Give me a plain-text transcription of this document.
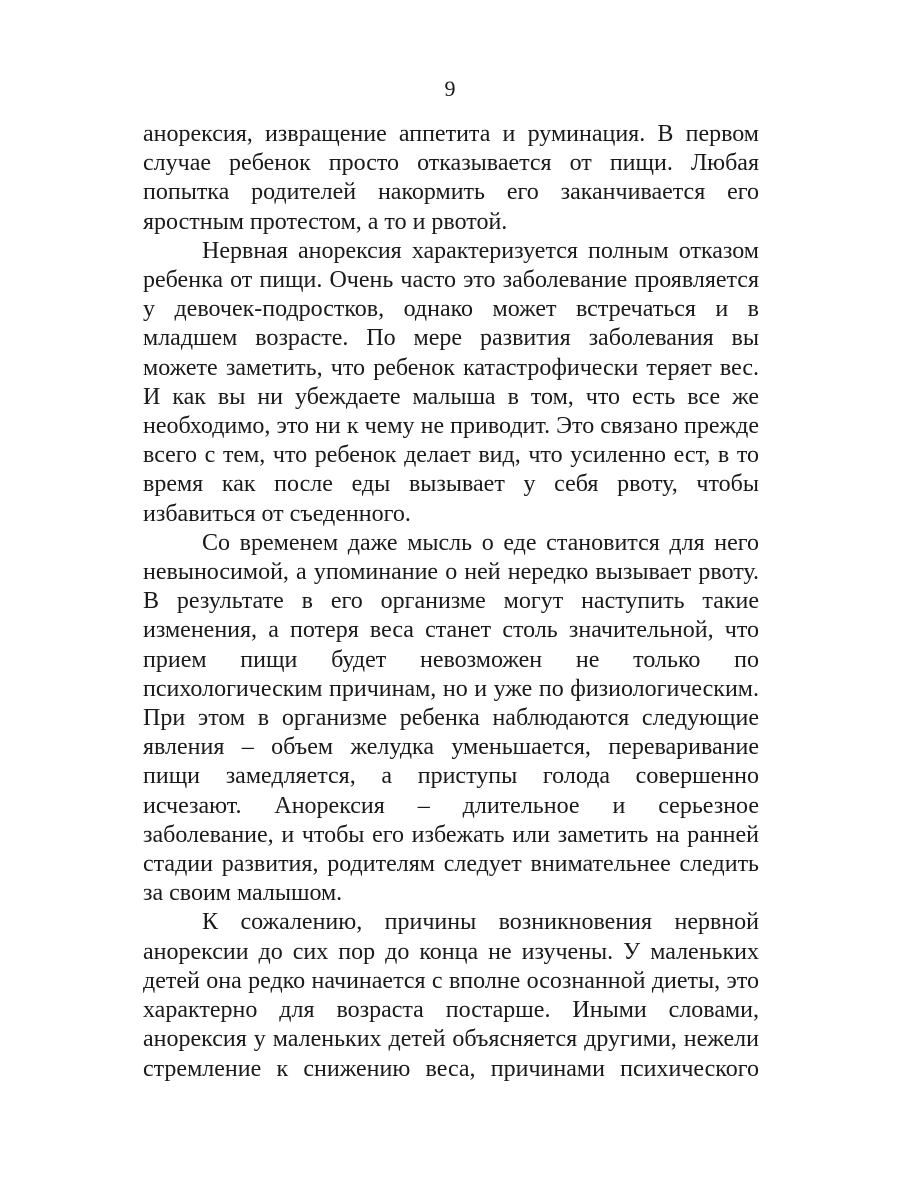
9

анорексия, извращение аппетита и руминация. В первом случае ребенок просто отказывается от пищи. Любая попытка родителей накормить его заканчивается его яростным протестом, а то и рвотой.

Нервная анорексия характеризуется полным отказом ребенка от пищи. Очень часто это заболевание проявляется у девочек-подростков, однако может встречаться и в младшем возрасте. По мере развития заболевания вы можете заметить, что ребенок катастрофически теряет вес. И как вы ни убеждаете малыша в том, что есть все же необходимо, это ни к чему не приводит. Это связано прежде всего с тем, что ребенок делает вид, что усиленно ест, в то время как после еды вызывает у себя рвоту, чтобы избавиться от съеденного.

Со временем даже мысль о еде становится для него невыносимой, а упоминание о ней нередко вызывает рвоту. В результате в его организме могут наступить такие изменения, а потеря веса станет столь значительной, что прием пищи будет невозможен не только по психологическим причинам, но и уже по физиологическим. При этом в организме ребенка наблюдаются следующие явления – объем желудка уменьшается, переваривание пищи замедляется, а приступы голода совершенно исчезают. Анорексия – длительное и серьезное заболевание, и чтобы его избежать или заметить на ранней стадии развития, родителям следует внимательнее следить за своим малышом.

К сожалению, причины возникновения нервной анорексии до сих пор до конца не изучены. У маленьких детей она редко начинается с вполне осознанной диеты, это характерно для возраста постарше. Иными словами, анорексия у маленьких детей объясняется другими, нежели стремление к снижению веса, причинами психического
